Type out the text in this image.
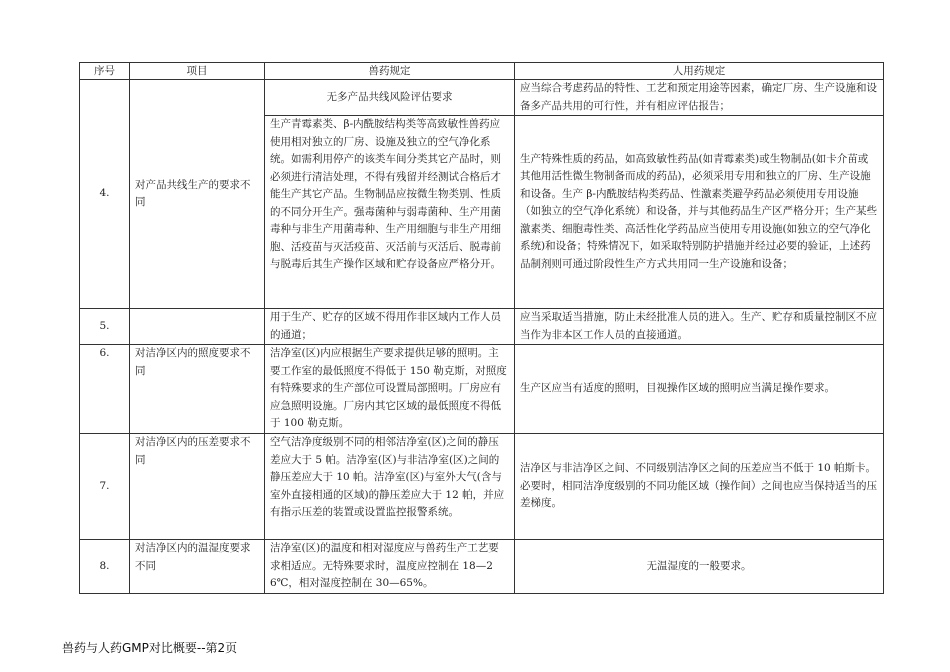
序号	项目	兽药规定	人用药规定
4.	对产品共线生产的要求不同	无多产品共线风险评估要求	应当综合考虑药品的特性、工艺和预定用途等因素，确定厂房、生产设施和设备多产品共用的可行性，并有相应评估报告；
		生产青霉素类、β-内酰胺结构类等高致敏性兽药应使用相对独立的厂房、设施及独立的空气净化系统。如需利用停产的该类车间分类其它产品时，则必须进行清洁处理，不得有残留并经测试合格后才能生产其它产品。生物制品应按微生物类别、性质的不同分开生产。强毒菌种与弱毒菌种、生产用菌毒种与非生产用菌毒种、生产用细胞与非生产用细胞、活疫苗与灭活疫苗、灭活前与灭活后、脱毒前与脱毒后其生产操作区域和贮存设备应严格分开。	生产特殊性质的药品，如高致敏性药品(如青霉素类)或生物制品(如卡介苗或其他用活性微生物制备而成的药品)，必须采用专用和独立的厂房、生产设施和设备。生产 β-内酰胺结构类药品、性激素类避孕药品必须使用专用设施（如独立的空气净化系统）和设备，并与其他药品生产区严格分开；生产某些激素类、细胞毒性类、高活性化学药品应当使用专用设施(如独立的空气净化系统)和设备；特殊情况下，如采取特别防护措施并经过必要的验证，上述药品制剂则可通过阶段性生产方式共用同一生产设施和设备；
5.		用于生产、贮存的区域不得用作非区域内工作人员的通道；	应当采取适当措施，防止未经批准人员的进入。生产、贮存和质量控制区不应当作为非本区工作人员的直接通道。
6.	对洁净区内的照度要求不同	洁净室(区)内应根据生产要求提供足够的照明。主要工作室的最低照度不得低于 150 勒克斯，对照度有特殊要求的生产部位可设置局部照明。厂房应有应急照明设施。厂房内其它区域的最低照度不得低于 100 勒克斯。	生产区应当有适度的照明，目视操作区域的照明应当满足操作要求。
7.	对洁净区内的压差要求不同	空气洁净度级别不同的相邻洁净室(区)之间的静压差应大于 5 帕。洁净室(区)与非洁净室(区)之间的静压差应大于 10 帕。洁净室(区)与室外大气(含与室外直接相通的区域)的静压差应大于 12 帕，并应有指示压差的装置或设置监控报警系统。	洁净区与非洁净区之间、不同级别洁净区之间的压差应当不低于 10 帕斯卡。必要时，相同洁净度级别的不同功能区域（操作间）之间也应当保持适当的压差梯度。
8.	对洁净区内的温湿度要求不同	洁净室(区)的温度和相对湿度应与兽药生产工艺要求相适应。无特殊要求时，温度应控制在 18—26℃，相对湿度控制在 30—65%。	无温湿度的一般要求。
兽药与人药GMP对比概要--第2页
